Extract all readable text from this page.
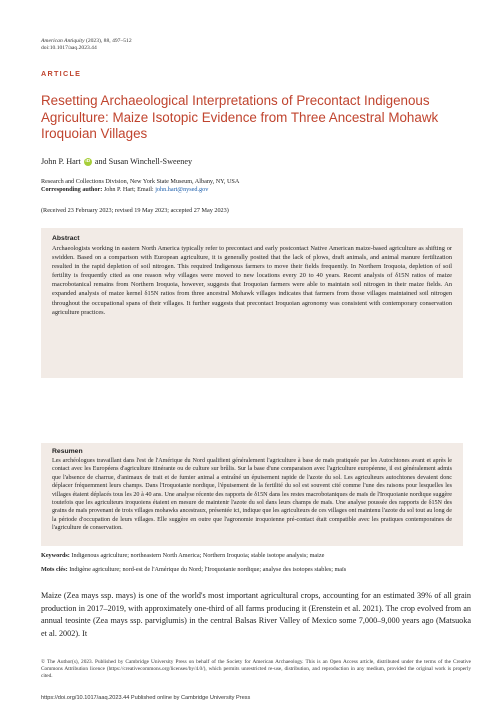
American Antiquity (2023), 88, 497–512
doi:10.1017/aaq.2023.44
ARTICLE
Resetting Archaeological Interpretations of Precontact Indigenous Agriculture: Maize Isotopic Evidence from Three Ancestral Mohawk Iroquoian Villages
John P. Hart iD and Susan Winchell-Sweeney
Research and Collections Division, New York State Museum, Albany, NY, USA
Corresponding author: John P. Hart; Email: john.hart@nysed.gov
(Received 23 February 2023; revised 19 May 2023; accepted 27 May 2023)
Abstract

Archaeologists working in eastern North America typically refer to precontact and early postcontact Native American maize-based agriculture as shifting or swidden. Based on a comparison with European agriculture, it is generally posited that the lack of plows, draft animals, and animal manure fertilization resulted in the rapid depletion of soil nitrogen. This required Indigenous farmers to move their fields frequently. In Northern Iroquoia, depletion of soil fertility is frequently cited as one reason why villages were moved to new locations every 20 to 40 years. Recent analysis of δ15N ratios of maize macrobotanical remains from Northern Iroquoia, however, suggests that Iroquoian farmers were able to maintain soil nitrogen in their maize fields. An expanded analysis of maize kernel δ15N ratios from three ancestral Mohawk villages indicates that farmers from those villages maintained soil nitrogen throughout the occupational spans of their villages. It further suggests that precontact Iroquoian agronomy was consistent with contemporary conservation agriculture practices.

Resumen

Les archéologues travaillant dans l'est de l'Amérique du Nord qualifient généralement l'agriculture à base de maïs pratiquée par les Autochtones avant et après le contact avec les Européens d'agriculture itinérante ou de culture sur brûlis. Sur la base d'une comparaison avec l'agriculture européenne, il est généralement admis que l'absence de charrue, d'animaux de trait et de fumier animal a entraîné un épuisement rapide de l'azote du sol. Les agriculteurs autochtones devaient donc déplacer fréquemment leurs champs. Dans l'Iroquoianie nordique, l'épuisement de la fertilité du sol est souvent cité comme l'une des raisons pour lesquelles les villages étaient déplacés tous les 20 à 40 ans. Une analyse récente des rapports de δ15N dans les restes macrobotaniques de maïs de l'Iroquoianie nordique suggère toutefois que les agriculteurs iroquoiens étaient en mesure de maintenir l'azote du sol dans leurs champs de maïs. Une analyse poussée des rapports de δ15N des grains de maïs provenant de trois villages mohawks ancestraux, présentée ici, indique que les agriculteurs de ces villages ont maintenu l'azote du sol tout au long de la période d'occupation de leurs villages. Elle suggère en outre que l'agronomie iroquoienne pré-contact était compatible avec les pratiques contemporaines de l'agriculture de conservation.

Keywords: Indigenous agriculture; northeastern North America; Northern Iroquoia; stable isotope analysis; maize
Mots clés: Indigène agriculture; nord-est de l'Amérique du Nord; l'Iroquoianie nordique; analyse des isotopes stables; maïs

Maize (Zea mays ssp. mays) is one of the world's most important agricultural crops, accounting for an estimated 39% of all grain production in 2017–2019, with approximately one-third of all farms producing it (Erenstein et al. 2021). The crop evolved from an annual teosinte (Zea mays ssp. parviglumis) in the central Balsas River Valley of Mexico some 7,000–9,000 years ago (Matsuoka et al. 2002). It

© The Author(s), 2023. Published by Cambridge University Press on behalf of the Society for American Archaeology. This is an Open Access article, distributed under the terms of the Creative Commons Attribution licence (https://creativecommons.org/licenses/by/4.0/), which permits unrestricted re-use, distribution, and reproduction in any medium, provided the original work is properly cited.

https://doi.org/10.1017/aaq.2023.44 Published online by Cambridge University Press
